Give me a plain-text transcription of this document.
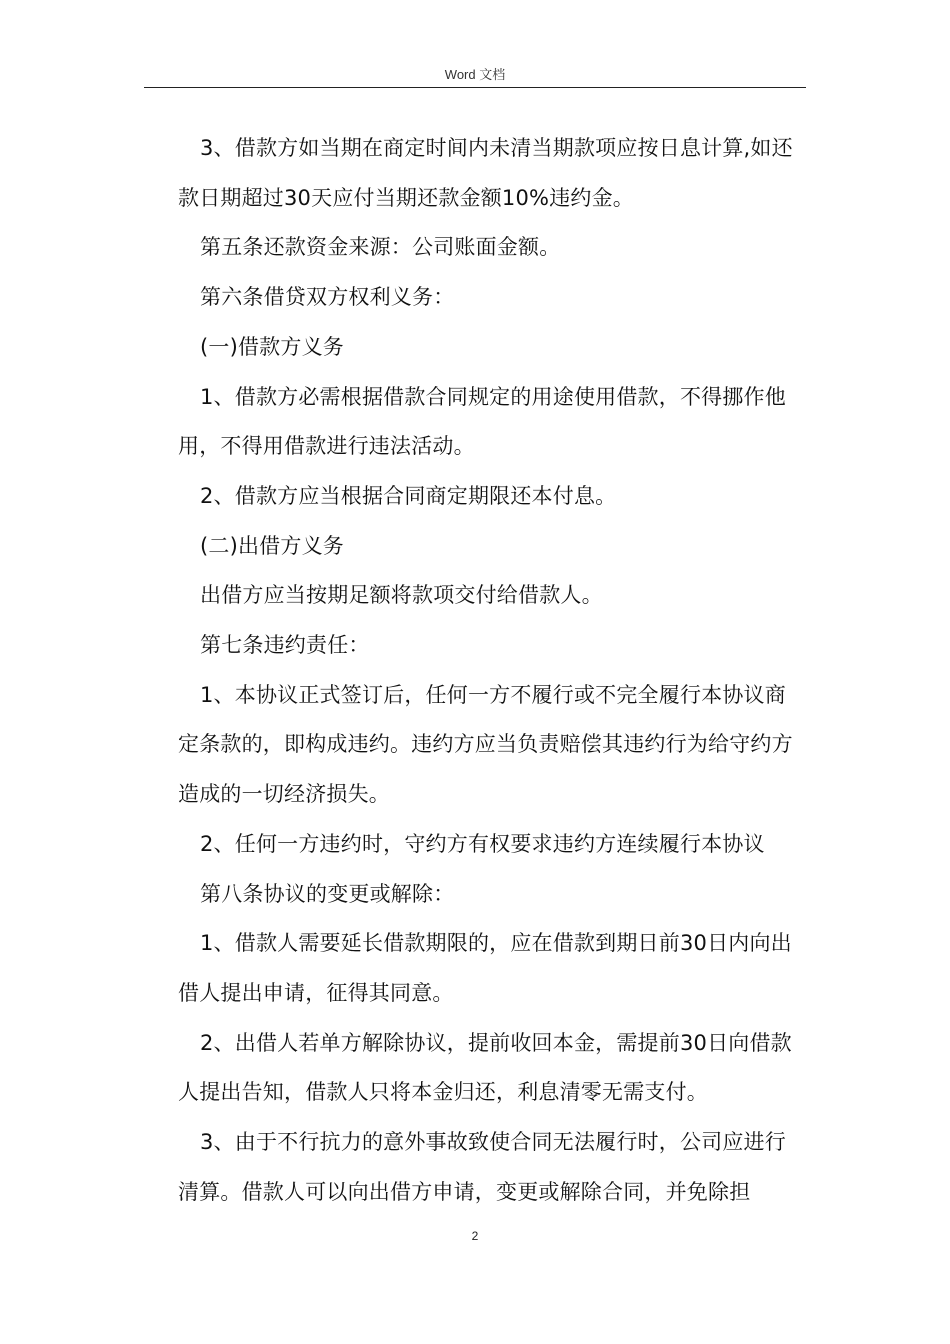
Word 文档

3、借款方如当期在商定时间内未清当期款项应按日息计算,如还款日期超过30天应付当期还款金额10%违约金。

第五条还款资金来源：公司账面金额。

第六条借贷双方权利义务：

(一)借款方义务

1、借款方必需根据借款合同规定的用途使用借款，不得挪作他用，不得用借款进行违法活动。

2、借款方应当根据合同商定期限还本付息。

(二)出借方义务

出借方应当按期足额将款项交付给借款人。

第七条违约责任：

1、本协议正式签订后，任何一方不履行或不完全履行本协议商定条款的，即构成违约。违约方应当负责赔偿其违约行为给守约方造成的一切经济损失。

2、任何一方违约时，守约方有权要求违约方连续履行本协议

第八条协议的变更或解除：

1、借款人需要延长借款期限的，应在借款到期日前30日内向出借人提出申请，征得其同意。

2、出借人若单方解除协议，提前收回本金，需提前30日向借款人提出告知，借款人只将本金归还，利息清零无需支付。

3、由于不行抗力的意外事故致使合同无法履行时，公司应进行清算。借款人可以向出借方申请，变更或解除合同，并免除担

2
